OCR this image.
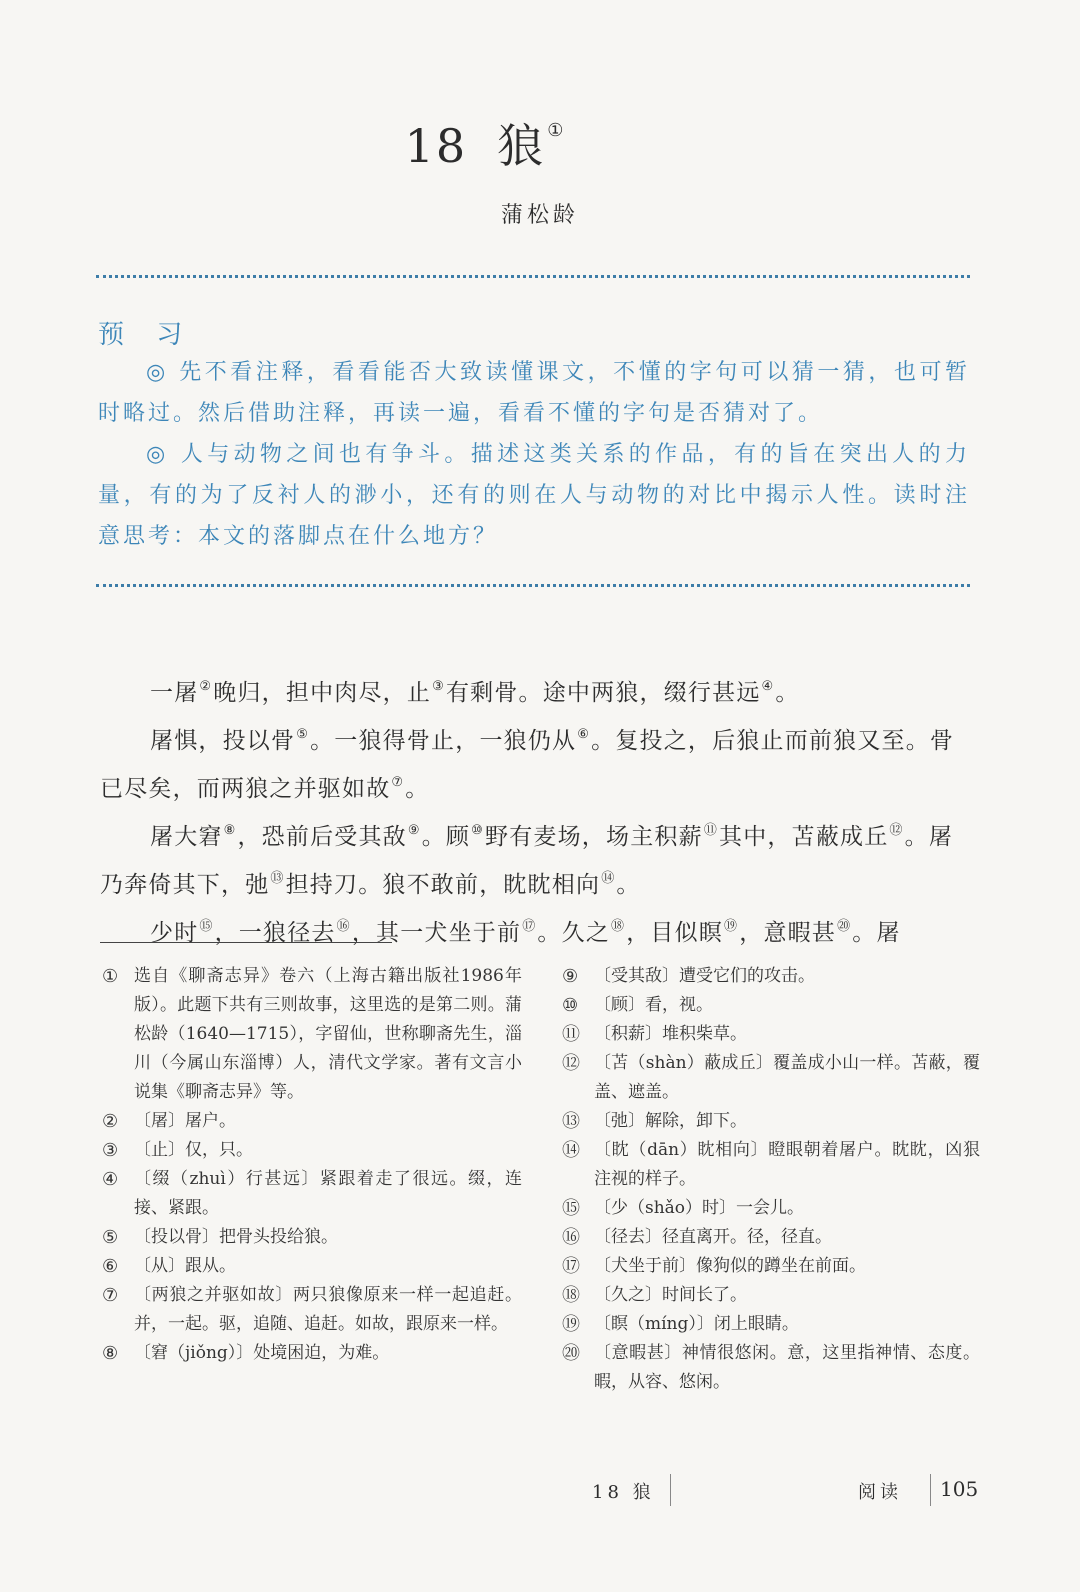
18 狼 ①
蒲松龄
预 习

◎ 先不看注释，看看能否大致读懂课文，不懂的字句可以猜一猜，也可暂时略过。然后借助注释，再读一遍，看看不懂的字句是否猜对了。

◎ 人与动物之间也有争斗。描述这类关系的作品，有的旨在突出人的力量，有的为了反衬人的渺小，还有的则在人与动物的对比中揭示人性。读时注意思考：本文的落脚点在什么地方？

一屠②晚归，担中肉尽，止③有剩骨。途中两狼，缀行甚远④。

屠惧，投以骨⑤。一狼得骨止，一狼仍从⑥。复投之，后狼止而前狼又至。骨已尽矣，而两狼之并驱如故⑦。

屠大窘⑧，恐前后受其敌⑨。顾⑩野有麦场，场主积薪⑪其中，苫蔽成丘⑫。屠乃奔倚其下，弛⑬担持刀。狼不敢前，眈眈相向⑭。

少时⑮，一狼径去⑯，其一犬坐于前⑰。久之⑱，目似瞑⑲，意暇甚⑳。屠

① 选自《聊斋志异》卷六（上海古籍出版社1986年版）。此题下共有三则故事，这里选的是第二则。蒲松龄（1640—1715），字留仙，世称聊斋先生，淄川（今属山东淄博）人，清代文学家。著有文言小说集《聊斋志异》等。
② 〔屠〕屠户。
③ 〔止〕仅，只。
④ 〔缀（zhuì）行甚远〕紧跟着走了很远。缀，连接、紧跟。
⑤ 〔投以骨〕把骨头投给狼。
⑥ 〔从〕跟从。
⑦ 〔两狼之并驱如故〕两只狼像原来一样一起追赶。并，一起。驱，追随、追赶。如故，跟原来一样。
⑧ 〔窘（jiǒng）〕处境困迫，为难。
⑨ 〔受其敌〕遭受它们的攻击。
⑩ 〔顾〕看，视。
⑪ 〔积薪〕堆积柴草。
⑫ 〔苫（shàn）蔽成丘〕覆盖成小山一样。苫蔽，覆盖、遮盖。
⑬ 〔弛〕解除，卸下。
⑭ 〔眈（dān）眈相向〕瞪眼朝着屠户。眈眈，凶狠注视的样子。
⑮ 〔少（shǎo）时〕一会儿。
⑯ 〔径去〕径直离开。径，径直。
⑰ 〔犬坐于前〕像狗似的蹲坐在前面。
⑱ 〔久之〕时间长了。
⑲ 〔瞑（míng）〕闭上眼睛。
⑳ 〔意暇甚〕神情很悠闲。意，这里指神情、态度。暇，从容、悠闲。
18 狼	阅读 105
